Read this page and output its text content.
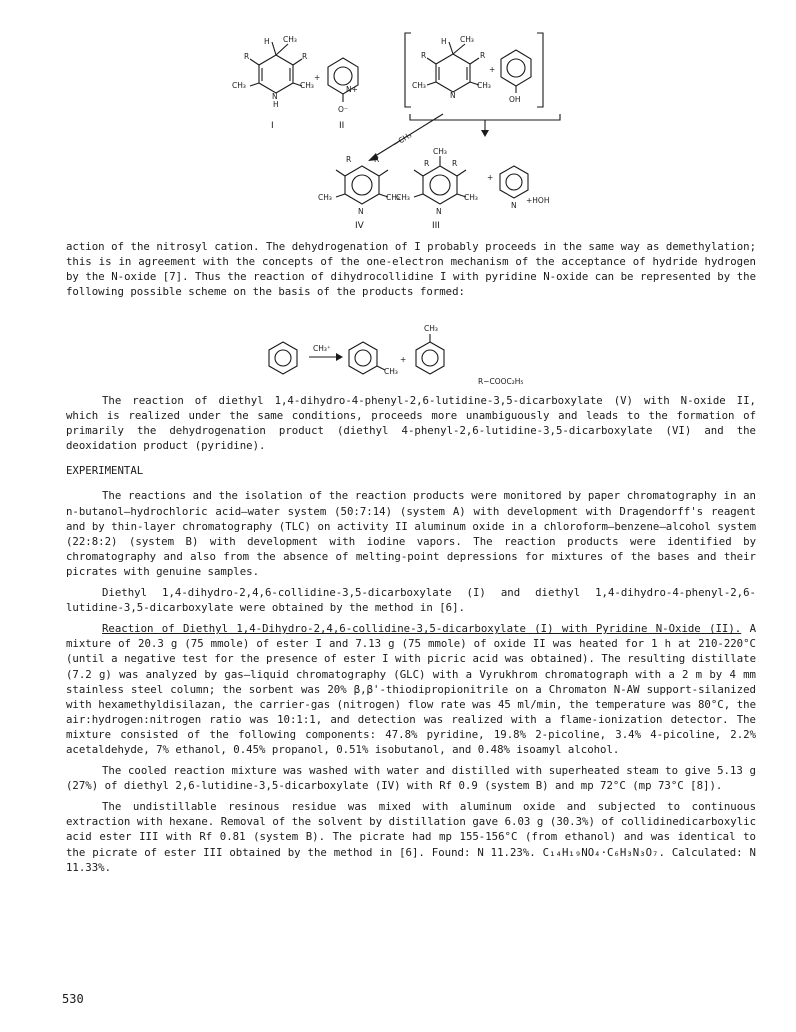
H CH₃
R
R
CH₃	CH₃
N
H
+
N+
O⁻
H CH₃
R
R
CH₃	CH₃
N
+
OH
−CH₃
R	R
CH₃	CH₃
N
CH₃
R	R
CH₃	CH₃
N
+
N
+HOH
I	II
IV	III
CH₃⁺
CH₃
+
CH₃
R−COOC₂H₅

action of the nitrosyl cation. The dehydrogenation of I probably proceeds in the same way as demethylation; this is in agreement with the concepts of the one-electron mechanism of the acceptance of hydride hydrogen by the N-oxide [7]. Thus the reaction of dihydrocollidine I with pyridine N-oxide can be represented by the following possible scheme on the basis of the products formed:

The reaction of diethyl 1,4-dihydro-4-phenyl-2,6-lutidine-3,5-dicarboxylate (V) with N-oxide II, which is realized under the same conditions, proceeds more unambiguously and leads to the formation of primarily the dehydrogenation product (diethyl 4-phenyl-2,6-lutidine-3,5-dicarboxylate (VI) and the deoxidation product (pyridine).

EXPERIMENTAL

The reactions and the isolation of the reaction products were monitored by paper chromatography in an n-butanol—hydrochloric acid—water system (50:7:14) (system A) with development with Dragendorff's reagent and by thin-layer chromatography (TLC) on activity II aluminum oxide in a chloroform—benzene—alcohol system (22:8:2) (system B) with development with iodine vapors. The reaction products were identified by chromatography and also from the absence of melting-point depressions for mixtures of the bases and their picrates with genuine samples.

Diethyl 1,4-dihydro-2,4,6-collidine-3,5-dicarboxylate (I) and diethyl 1,4-dihydro-4-phenyl-2,6-lutidine-3,5-dicarboxylate were obtained by the method in [6].

Reaction of Diethyl 1,4-Dihydro-2,4,6-collidine-3,5-dicarboxylate (I) with Pyridine N-Oxide (II). A mixture of 20.3 g (75 mmole) of ester I and 7.13 g (75 mmole) of oxide II was heated for 1 h at 210-220°C (until a negative test for the presence of ester I with picric acid was obtained). The resulting distillate (7.2 g) was analyzed by gas—liquid chromatography (GLC) with a Vyrukhrom chromatograph with a 2 m by 4 mm stainless steel column; the sorbent was 20% β,β'-thiodipropionitrile on a Chromaton N-AW support-silanized with hexamethyldisilazan, the carrier-gas (nitrogen) flow rate was 45 ml/min, the temperature was 80°C, the air:hydrogen:nitrogen ratio was 10:1:1, and detection was realized with a flame-ionization detector. The mixture consisted of the following components: 47.8% pyridine, 19.8% 2-picoline, 3.4% 4-picoline, 2.2% acetaldehyde, 7% ethanol, 0.45% propanol, 0.51% isobutanol, and 0.48% isoamyl alcohol.

The cooled reaction mixture was washed with water and distilled with superheated steam to give 5.13 g (27%) of diethyl 2,6-lutidine-3,5-dicarboxylate (IV) with Rf 0.9 (system B) and mp 72°C (mp 73°C [8]).

The undistillable resinous residue was mixed with aluminum oxide and subjected to continuous extraction with hexane. Removal of the solvent by distillation gave 6.03 g (30.3%) of collidinedicarboxylic acid ester III with Rf 0.81 (system B). The picrate had mp 155-156°C (from ethanol) and was identical to the picrate of ester III obtained by the method in [6]. Found: N 11.23%. C₁₄H₁₉NO₄·C₆H₃N₃O₇. Calculated: N 11.33%.

530
